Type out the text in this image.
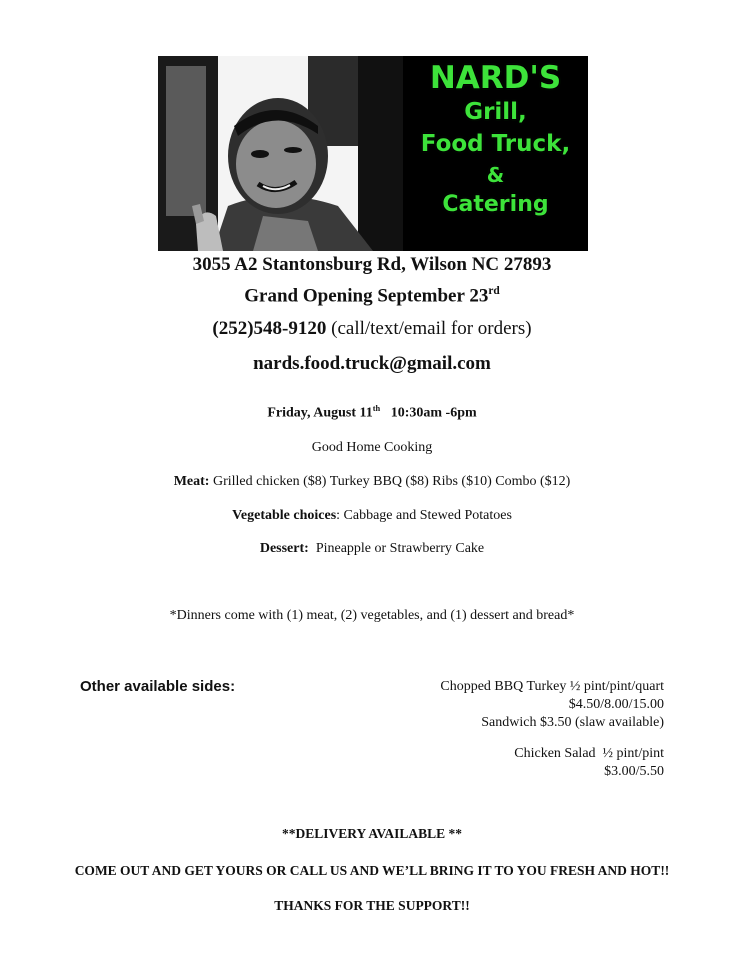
NARD'S
Grill,
Food Truck,
&
Catering
3055 A2 Stantonsburg Rd, Wilson NC 27893
Grand Opening September 23rd
(252)548-9120 (call/text/email for orders)
nards.food.truck@gmail.com
Friday, August 11th   10:30am -6pm
Good Home Cooking
Meat: Grilled chicken ($8) Turkey BBQ ($8) Ribs ($10) Combo ($12)
Vegetable choices: Cabbage and Stewed Potatoes
Dessert:  Pineapple or Strawberry Cake
*Dinners come with (1) meat, (2) vegetables, and (1) dessert and bread*
Other available sides:	Chopped BBQ Turkey ½ pint/pint/quart
$4.50/8.00/15.00
Sandwich $3.50 (slaw available)
Chicken Salad  ½ pint/pint
$3.00/5.50
**DELIVERY AVAILABLE **
COME OUT AND GET YOURS OR CALL US AND WE’LL BRING IT TO YOU FRESH AND HOT!!
THANKS FOR THE SUPPORT!!
